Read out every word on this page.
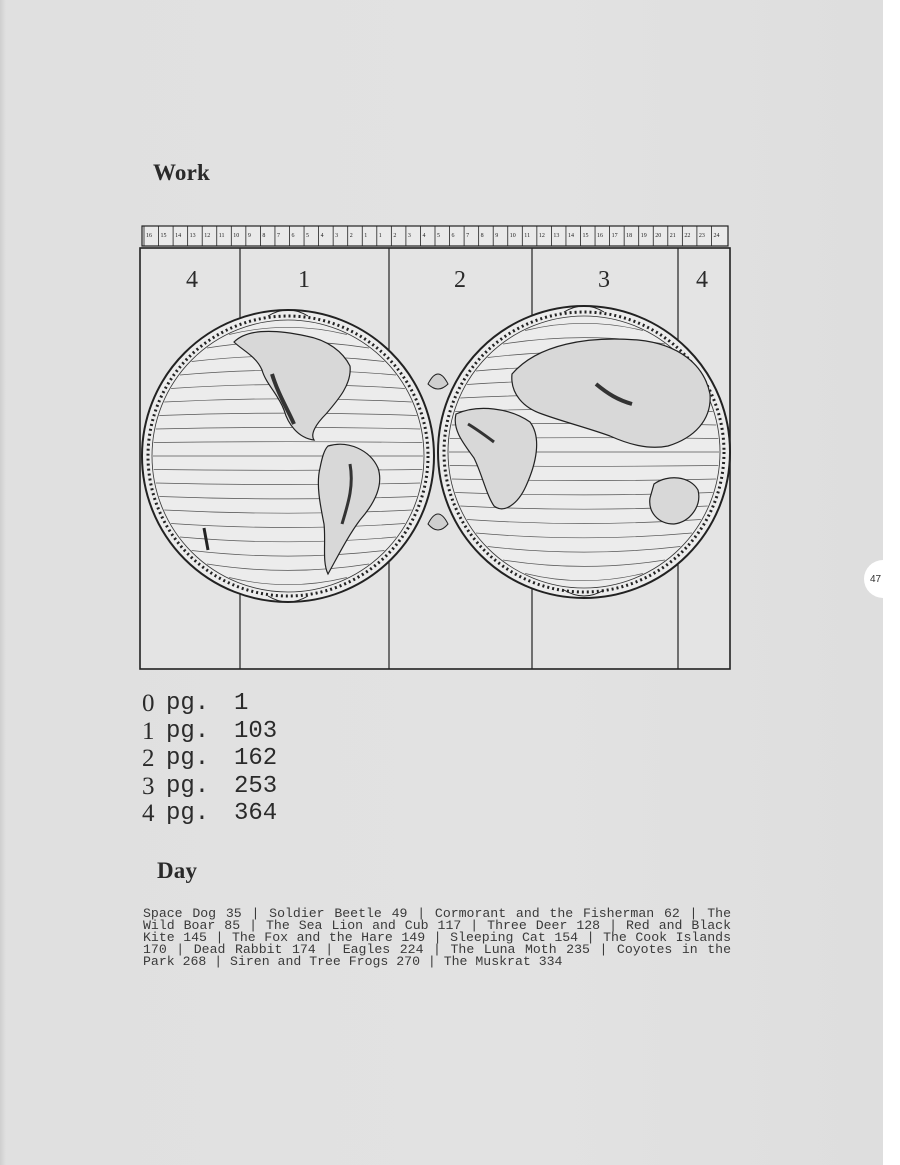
47
Work
16 15 14 13 12 11 10 9 8 7 6 5 4 3 2 1 1 2 3 4 5 6 7 8 9 10 11 12 13 14 15 16 17 18 19 20 21 22 23 24
4	1	2	3	4
0 pg.	1
1 pg.	103
2 pg.	162
3 pg.	253
4 pg.	364
Day
Space Dog 35 | Soldier Beetle 49 | Cormorant and the Fisherman 62 | The Wild Boar 85 | The Sea Lion and Cub 117 | Three Deer 128 | Red and Black Kite 145 | The Fox and the Hare 149 | Sleeping Cat 154 | The Cook Islands 170 | Dead Rabbit 174 | Eagles 224 | The Luna Moth 235 | Coyotes in the Park 268 | Siren and Tree Frogs 270 | The Muskrat 334
